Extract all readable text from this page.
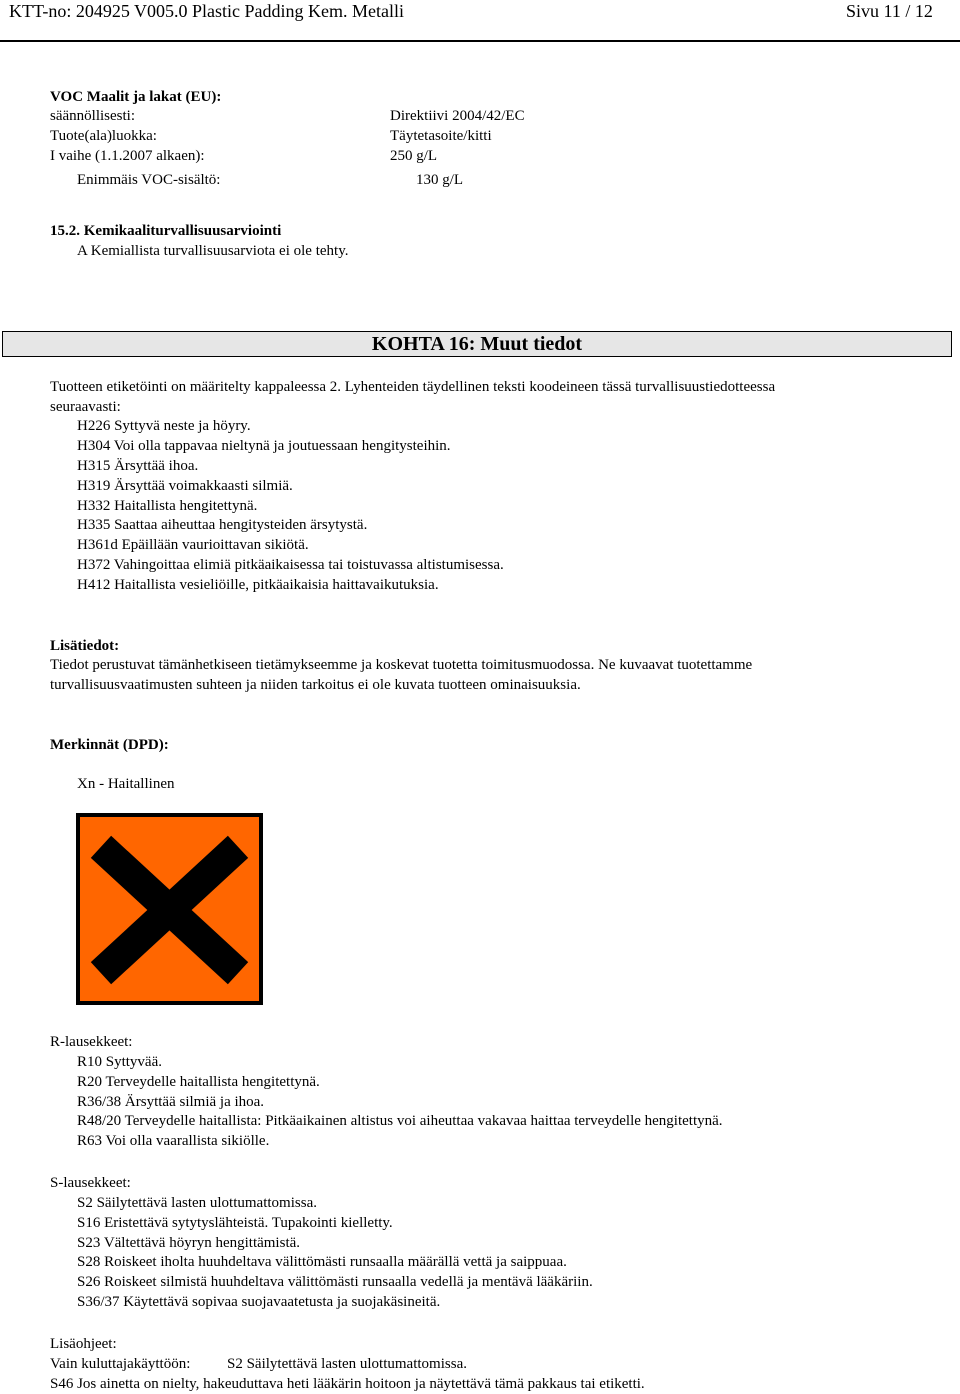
KTT-no: 204925 V005.0 Plastic Padding Kem. Metalli	Sivu 11 / 12
VOC Maalit ja lakat (EU):
säännöllisesti:	Direktiivi 2004/42/EC
Tuote(ala)luokka:	Täytetasoite/kitti
I vaihe (1.1.2007 alkaen):	250 g/L
Enimmäis VOC-sisältö:	130 g/L
15.2. Kemikaaliturvallisuusarviointi
A Kemiallista turvallisuusarviota ei ole tehty.
KOHTA 16: Muut tiedot
Tuotteen etiketöinti on määritelty kappaleessa 2. Lyhenteiden täydellinen teksti koodeineen tässä turvallisuustiedotteessa
seuraavasti:
H226 Syttyvä neste ja höyry.
H304 Voi olla tappavaa nieltynä ja joutuessaan hengitysteihin.
H315 Ärsyttää ihoa.
H319 Ärsyttää voimakkaasti silmiä.
H332 Haitallista hengitettynä.
H335 Saattaa aiheuttaa hengitysteiden ärsytystä.
H361d Epäillään vaurioittavan sikiötä.
H372 Vahingoittaa elimiä pitkäaikaisessa tai toistuvassa altistumisessa.
H412 Haitallista vesieliöille, pitkäaikaisia haittavaikutuksia.
Lisätiedot:
Tiedot perustuvat tämänhetkiseen tietämykseemme ja koskevat tuotetta toimitusmuodossa. Ne kuvaavat tuotettamme
turvallisuusvaatimusten suhteen ja niiden tarkoitus ei ole kuvata tuotteen ominaisuuksia.
Merkinnät (DPD):
Xn - Haitallinen
R-lausekkeet:
R10 Syttyvää.
R20 Terveydelle haitallista hengitettynä.
R36/38 Ärsyttää silmiä ja ihoa.
R48/20 Terveydelle haitallista: Pitkäaikainen altistus voi aiheuttaa vakavaa haittaa terveydelle hengitettynä.
R63 Voi olla vaarallista sikiölle.
S-lausekkeet:
S2 Säilytettävä lasten ulottumattomissa.
S16 Eristettävä sytytyslähteistä. Tupakointi kielletty.
S23 Vältettävä höyryn hengittämistä.
S28 Roiskeet iholta huuhdeltava välittömästi runsaalla määrällä vettä ja saippuaa.
S26 Roiskeet silmistä huuhdeltava välittömästi runsaalla vedellä ja mentävä lääkäriin.
S36/37 Käytettävä sopivaa suojavaatetusta ja suojakäsineitä.
Lisäohjeet:
Vain kuluttajakäyttöön: S2 Säilytettävä lasten ulottumattomissa.
S46 Jos ainetta on nielty, hakeuduttava heti lääkärin hoitoon ja näytettävä tämä pakkaus tai etiketti.
